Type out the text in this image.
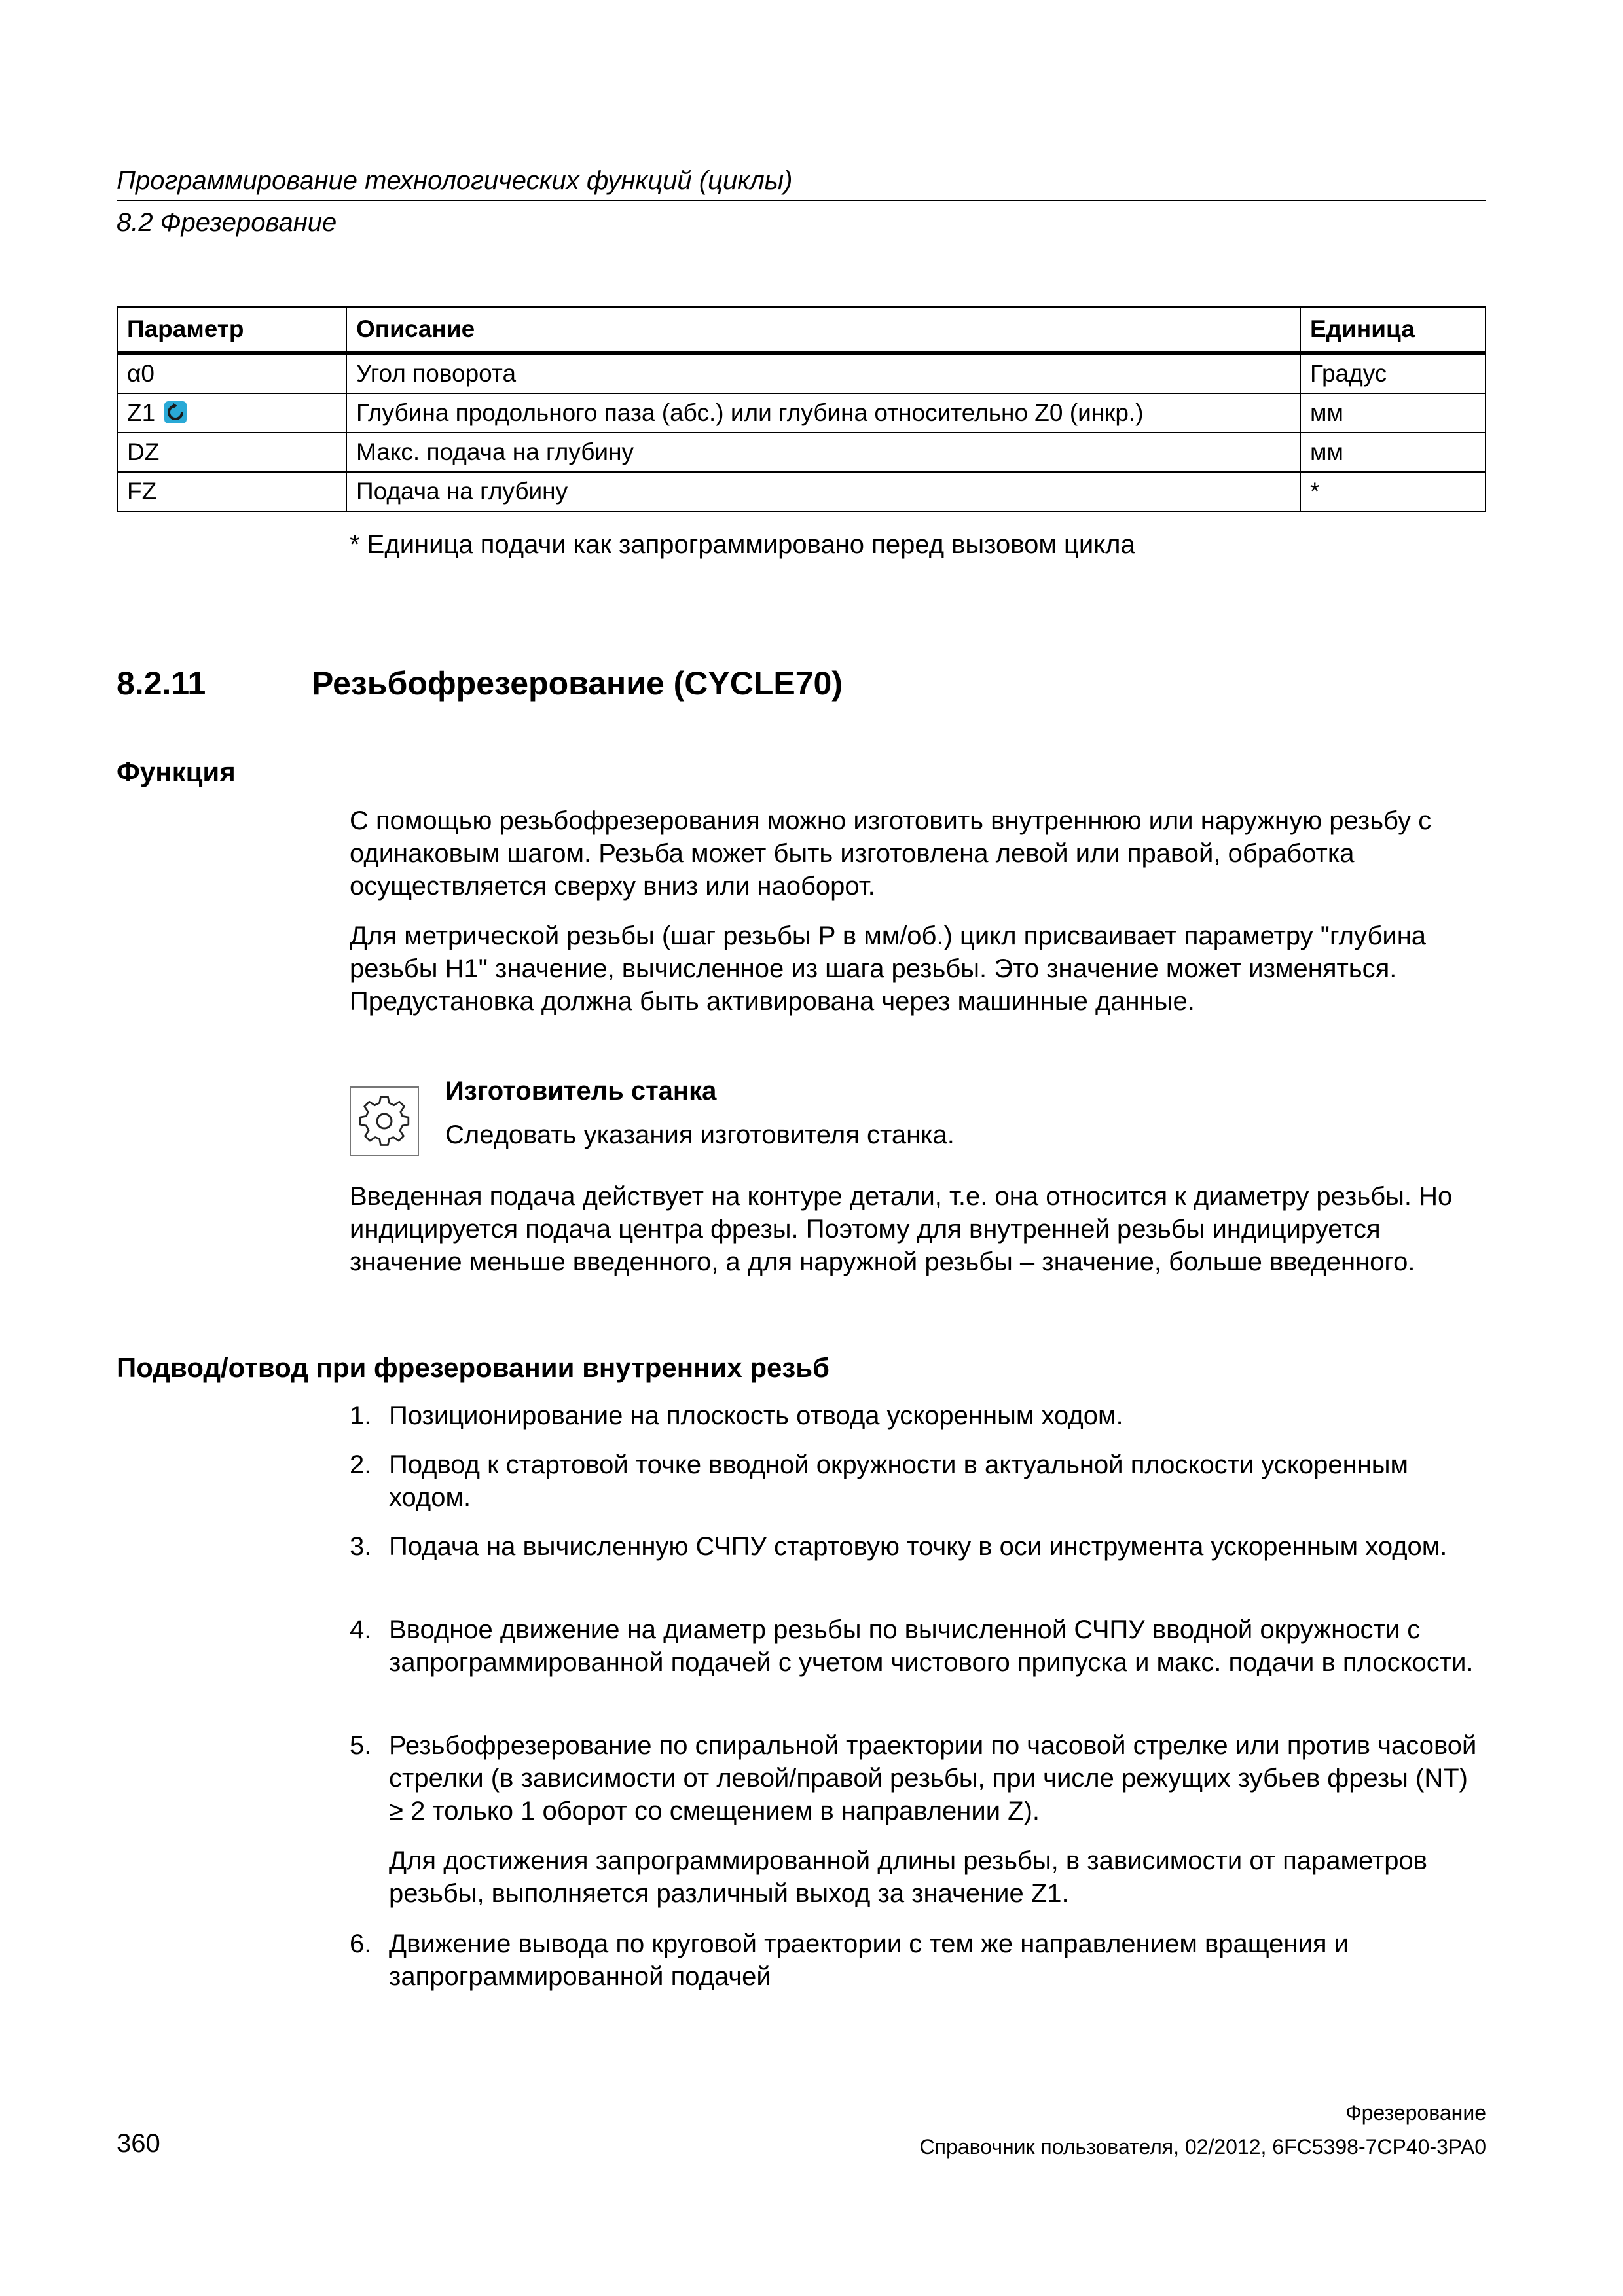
Программирование технологических функций (циклы)
8.2 Фрезерование
Параметр	Описание	Единица
α0	Угол поворота	Градус
Z1	Глубина продольного паза (абс.) или глубина относительно Z0 (инкр.)	мм
DZ	Макс. подача на глубину	мм
FZ	Подача на глубину	*
* Единица подачи как запрограммировано перед вызовом цикла
8.2.11	Резьбофрезерование (CYCLE70)
Функция

С помощью резьбофрезерования можно изготовить внутреннюю или наружную резьбу с одинаковым шагом. Резьба может быть изготовлена левой или правой, обработка осуществляется сверху вниз или наоборот.

Для метрической резьбы (шаг резьбы P в мм/об.) цикл присваивает параметру "глубина резьбы H1" значение, вычисленное из шага резьбы. Это значение может изменяться. Предустановка должна быть активирована через машинные данные.

Изготовитель станка
Следовать указания изготовителя станка.

Введенная подача действует на контуре детали, т.е. она относится к диаметру резьбы. Но индицируется подача центра фрезы. Поэтому для внутренней резьбы индицируется значение меньше введенного, а для наружной резьбы – значение, больше введенного.

Подвод/отвод при фрезеровании внутренних резьб
1. Позиционирование на плоскость отвода ускоренным ходом.

2. Подвод к стартовой точке вводной окружности в актуальной плоскости ускоренным ходом.

3. Подача на вычисленную СЧПУ стартовую точку в оси инструмента ускоренным ходом.

4. Вводное движение на диаметр резьбы по вычисленной СЧПУ вводной окружности с запрограммированной подачей с учетом чистового припуска и макс. подачи в плоскости.

5. Резьбофрезерование по спиральной траектории по часовой стрелке или против часовой стрелки (в зависимости от левой/правой резьбы, при числе режущих зубьев фрезы (NT) ≥ 2 только 1 оборот со смещением в направлении Z).

Для достижения запрограммированной длины резьбы, в зависимости от параметров резьбы, выполняется различный выход за значение Z1.

6. Движение вывода по круговой траектории с тем же направлением вращения и запрограммированной подачей

Фрезерование
Справочник пользователя, 02/2012, 6FC5398-7CP40-3PA0
360
